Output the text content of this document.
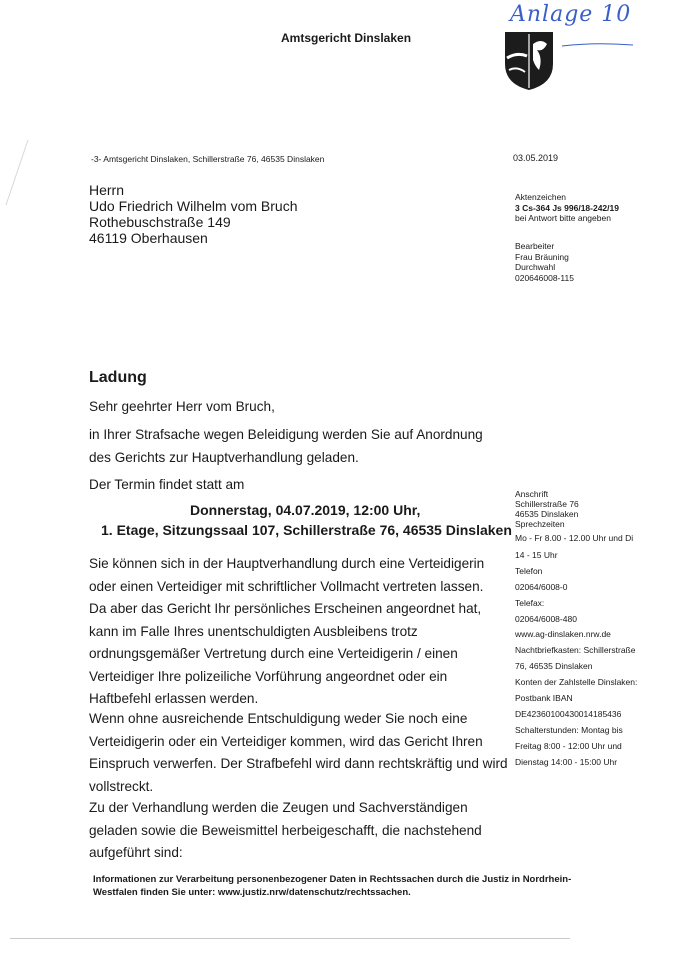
Amtsgericht Dinslaken
Anlage 10
-3- Amtsgericht Dinslaken, Schillerstraße 76, 46535 Dinslaken	03.05.2019
Herrn
Udo Friedrich Wilhelm vom Bruch
Rothebuschstraße 149
46119 Oberhausen
Aktenzeichen
3 Cs-364 Js 996/18-242/19
bei Antwort bitte angeben
Bearbeiter
Frau Bräuning
Durchwahl
020646008-115
Anschrift
Schillerstraße 76
46535 Dinslaken
Sprechzeiten
Mo - Fr 8.00 - 12.00 Uhr und Di
14 - 15 Uhr
Telefon
02064/6008-0
Telefax:
02064/6008-480
www.ag-dinslaken.nrw.de
Nachtbriefkasten: Schillerstraße
76, 46535 Dinslaken
Konten der Zahlstelle Dinslaken:
Postbank IBAN
DE42360100430014185436
Schalterstunden: Montag bis
Freitag 8:00 - 12:00 Uhr und
Dienstag 14:00 - 15:00 Uhr
Ladung
Sehr geehrter Herr vom Bruch,
in Ihrer Strafsache wegen Beleidigung werden Sie auf Anordnung
des Gerichts zur Hauptverhandlung geladen.
Der Termin findet statt am
Donnerstag, 04.07.2019, 12:00 Uhr,
1. Etage, Sitzungssaal 107, Schillerstraße 76, 46535 Dinslaken
Sie können sich in der Hauptverhandlung durch eine Verteidigerin
oder einen Verteidiger mit schriftlicher Vollmacht vertreten lassen.
Da aber das Gericht Ihr persönliches Erscheinen angeordnet hat,
kann im Falle Ihres unentschuldigten Ausbleibens trotz
ordnungsgemäßer Vertretung durch eine Verteidigerin / einen
Verteidiger Ihre polizeiliche Vorführung angeordnet oder ein
Haftbefehl erlassen werden.
Wenn ohne ausreichende Entschuldigung weder Sie noch eine
Verteidigerin oder ein Verteidiger kommen, wird das Gericht Ihren
Einspruch verwerfen. Der Strafbefehl wird dann rechtskräftig und wird
vollstreckt.
Zu der Verhandlung werden die Zeugen und Sachverständigen
geladen sowie die Beweismittel herbeigeschafft, die nachstehend
aufgeführt sind:
Informationen zur Verarbeitung personenbezogener Daten in Rechtssachen durch die Justiz in Nordrhein-
Westfalen finden Sie unter: www.justiz.nrw/datenschutz/rechtssachen.
